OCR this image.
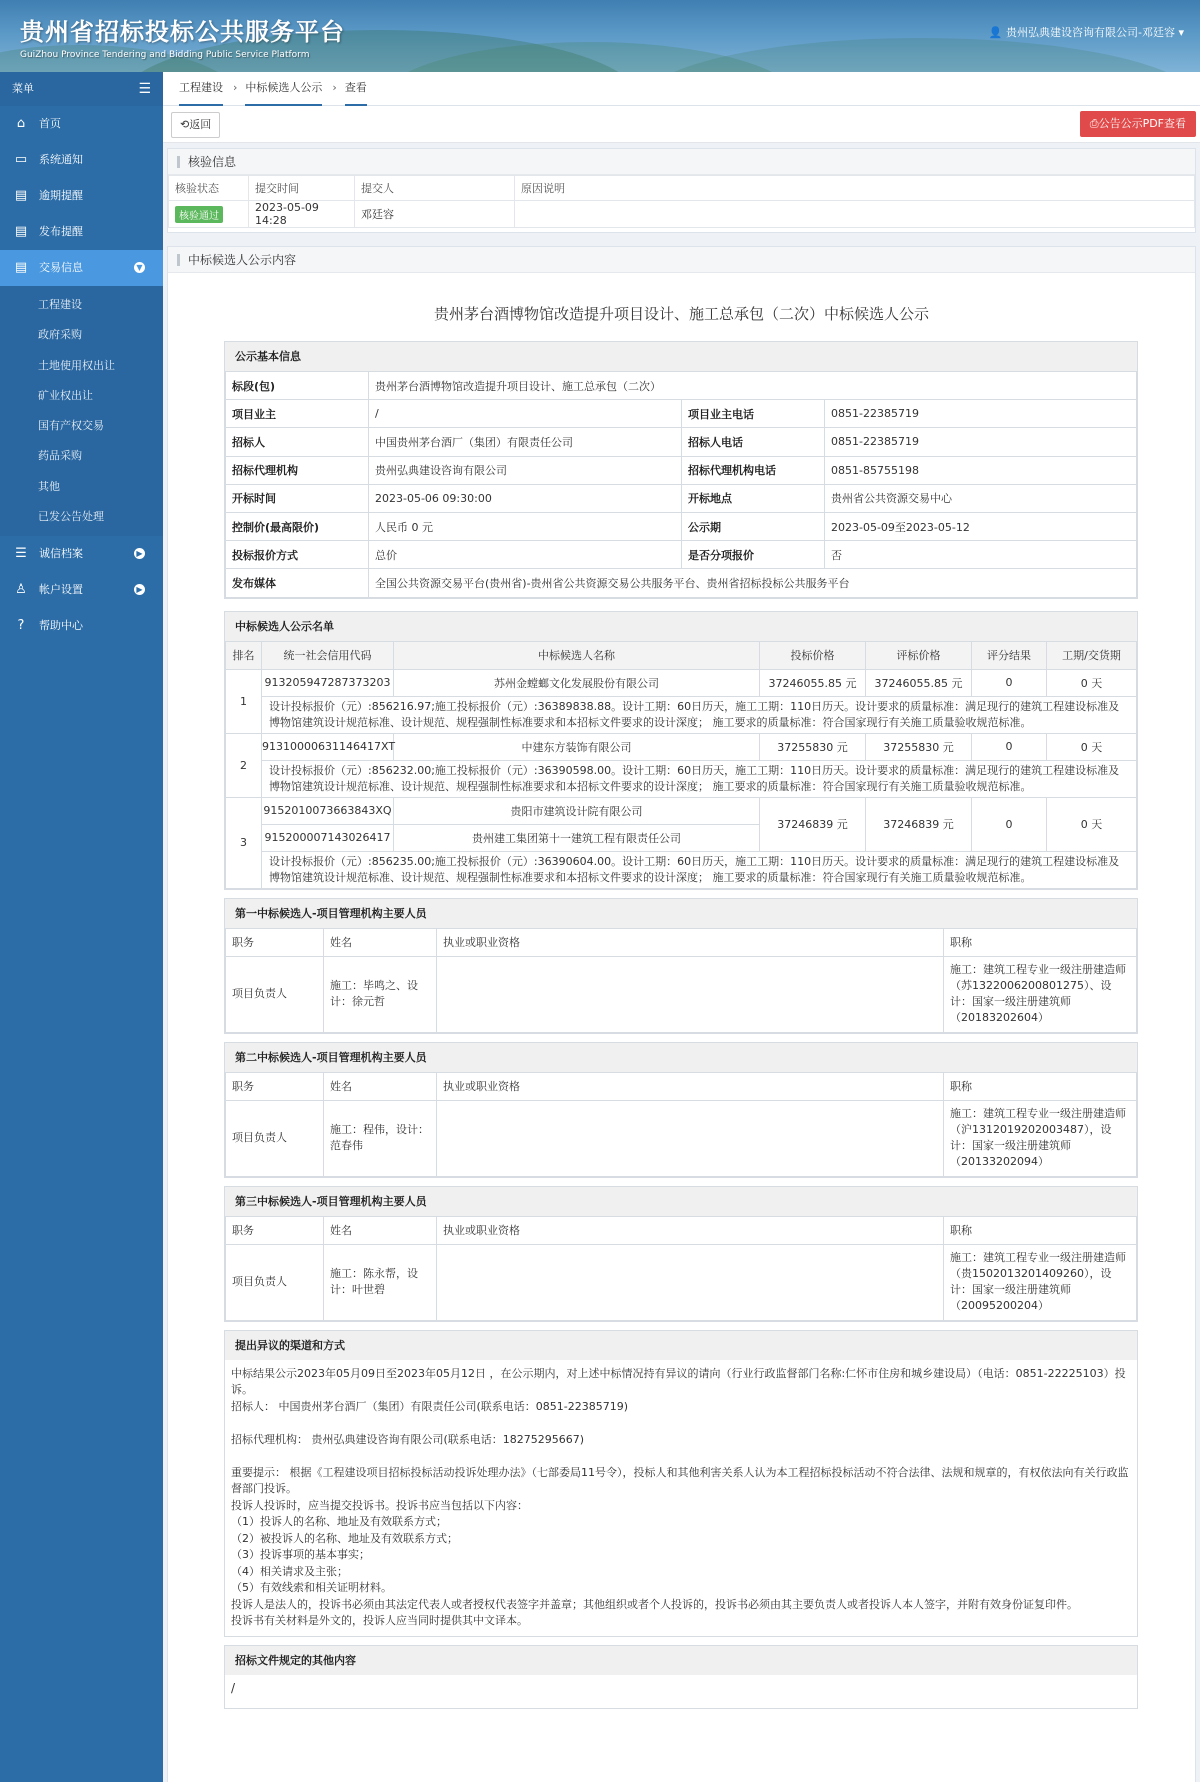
贵州省招标投标公共服务平台
GuiZhou Province Tendering and Bidding Public Service Platform
👤 贵州弘典建设咨询有限公司-邓廷容 ▾
菜单	☰
⌂ 首页
▭ 系统通知
▤ 逾期提醒
▤ 发布提醒
▤ 交易信息	▼
工程建设
政府采购
土地使用权出让
矿业权出让
国有产权交易
药品采购
其他
已发公告处理
☰ 诚信档案	▶
♙ 帐户设置	▶
? 帮助中心
工程建设 › 中标候选人公示 › 查看
⟲返回	⎙公告公示PDF查看
核验信息
核验状态	提交时间	提交人	原因说明
核验通过	2023-05-09 14:28	邓廷容	
中标候选人公示内容
贵州茅台酒博物馆改造提升项目设计、施工总承包（二次）中标候选人公示
公示基本信息
标段(包)	贵州茅台酒博物馆改造提升项目设计、施工总承包（二次）		
项目业主	/	项目业主电话	0851-22385719
招标人	中国贵州茅台酒厂（集团）有限责任公司	招标人电话	0851-22385719
招标代理机构	贵州弘典建设咨询有限公司	招标代理机构电话	0851-85755198
开标时间	2023-05-06 09:30:00	开标地点	贵州省公共资源交易中心
控制价(最高限价)	人民币 0 元	公示期	2023-05-09至2023-05-12
投标报价方式	总价	是否分项报价	否
发布媒体	全国公共资源交易平台(贵州省)-贵州省公共资源交易公共服务平台、贵州省招标投标公共服务平台		
中标候选人公示名单
排名	统一社会信用代码	中标候选人名称	投标价格	评标价格	评分结果	工期/交货期
1	913205947287373203	苏州金螳螂文化发展股份有限公司	37246055.85 元	37246055.85 元	0	0 天
	设计投标报价（元）:856216.97;施工投标报价（元）:36389838.88。设计工期：60日历天，施工工期：110日历天。设计要求的质量标准：满足现行的建筑工程建设标准及博物馆建筑设计规范标准、设计规范、规程强制性标准要求和本招标文件要求的设计深度； 施工要求的质量标准：符合国家现行有关施工质量验收规范标准。					
2	91310000631146417XT	中建东方装饰有限公司	37255830 元	37255830 元	0	0 天
	设计投标报价（元）:856232.00;施工投标报价（元）:36390598.00。设计工期：60日历天，施工工期：110日历天。设计要求的质量标准：满足现行的建筑工程建设标准及博物馆建筑设计规范标准、设计规范、规程强制性标准要求和本招标文件要求的设计深度； 施工要求的质量标准：符合国家现行有关施工质量验收规范标准。					
3	9152010073663843XQ	贵阳市建筑设计院有限公司	37246839 元	37246839 元	0	0 天
	915200007143026417	贵州建工集团第十一建筑工程有限责任公司				
	设计投标报价（元）:856235.00;施工投标报价（元）:36390604.00。设计工期：60日历天，施工工期：110日历天。设计要求的质量标准：满足现行的建筑工程建设标准及博物馆建筑设计规范标准、设计规范、规程强制性标准要求和本招标文件要求的设计深度； 施工要求的质量标准：符合国家现行有关施工质量验收规范标准。					
第一中标候选人-项目管理机构主要人员
职务	姓名	执业或职业资格	职称
项目负责人	施工：毕鸣之、设计：徐元哲		施工：建筑工程专业一级注册建造师（苏1322006200801275）、设计：国家一级注册建筑师（20183202604）
第二中标候选人-项目管理机构主要人员
职务	姓名	执业或职业资格	职称
项目负责人	施工：程伟，设计：范春伟		施工：建筑工程专业一级注册建造师（沪1312019202003487），设计：国家一级注册建筑师（20133202094）
第三中标候选人-项目管理机构主要人员
职务	姓名	执业或职业资格	职称
项目负责人	施工：陈永帮，设计：叶世碧		施工：建筑工程专业一级注册建造师（贵1502013201409260），设计：国家一级注册建筑师（20095200204）
提出异议的渠道和方式

中标结果公示2023年05月09日至2023年05月12日 ，在公示期内，对上述中标情况持有异议的请向（行业行政监督部门名称:仁怀市住房和城乡建设局）（电话：0851-22225103）投诉。

招标人： 中国贵州茅台酒厂（集团）有限责任公司(联系电话：0851-22385719)

招标代理机构： 贵州弘典建设咨询有限公司(联系电话：18275295667)

重要提示： 根据《工程建设项目招标投标活动投诉处理办法》（七部委局11号令），投标人和其他利害关系人认为本工程招标投标活动不符合法律、法规和规章的，有权依法向有关行政监督部门投诉。

投诉人投诉时，应当提交投诉书。投诉书应当包括以下内容：

（1）投诉人的名称、地址及有效联系方式；

（2）被投诉人的名称、地址及有效联系方式；

（3）投诉事项的基本事实；

（4）相关请求及主张；

（5）有效线索和相关证明材料。

投诉人是法人的，投诉书必须由其法定代表人或者授权代表签字并盖章；其他组织或者个人投诉的，投诉书必须由其主要负责人或者投诉人本人签字，并附有效身份证复印件。

投诉书有关材料是外文的，投诉人应当同时提供其中文译本。

招标文件规定的其他内容
/
